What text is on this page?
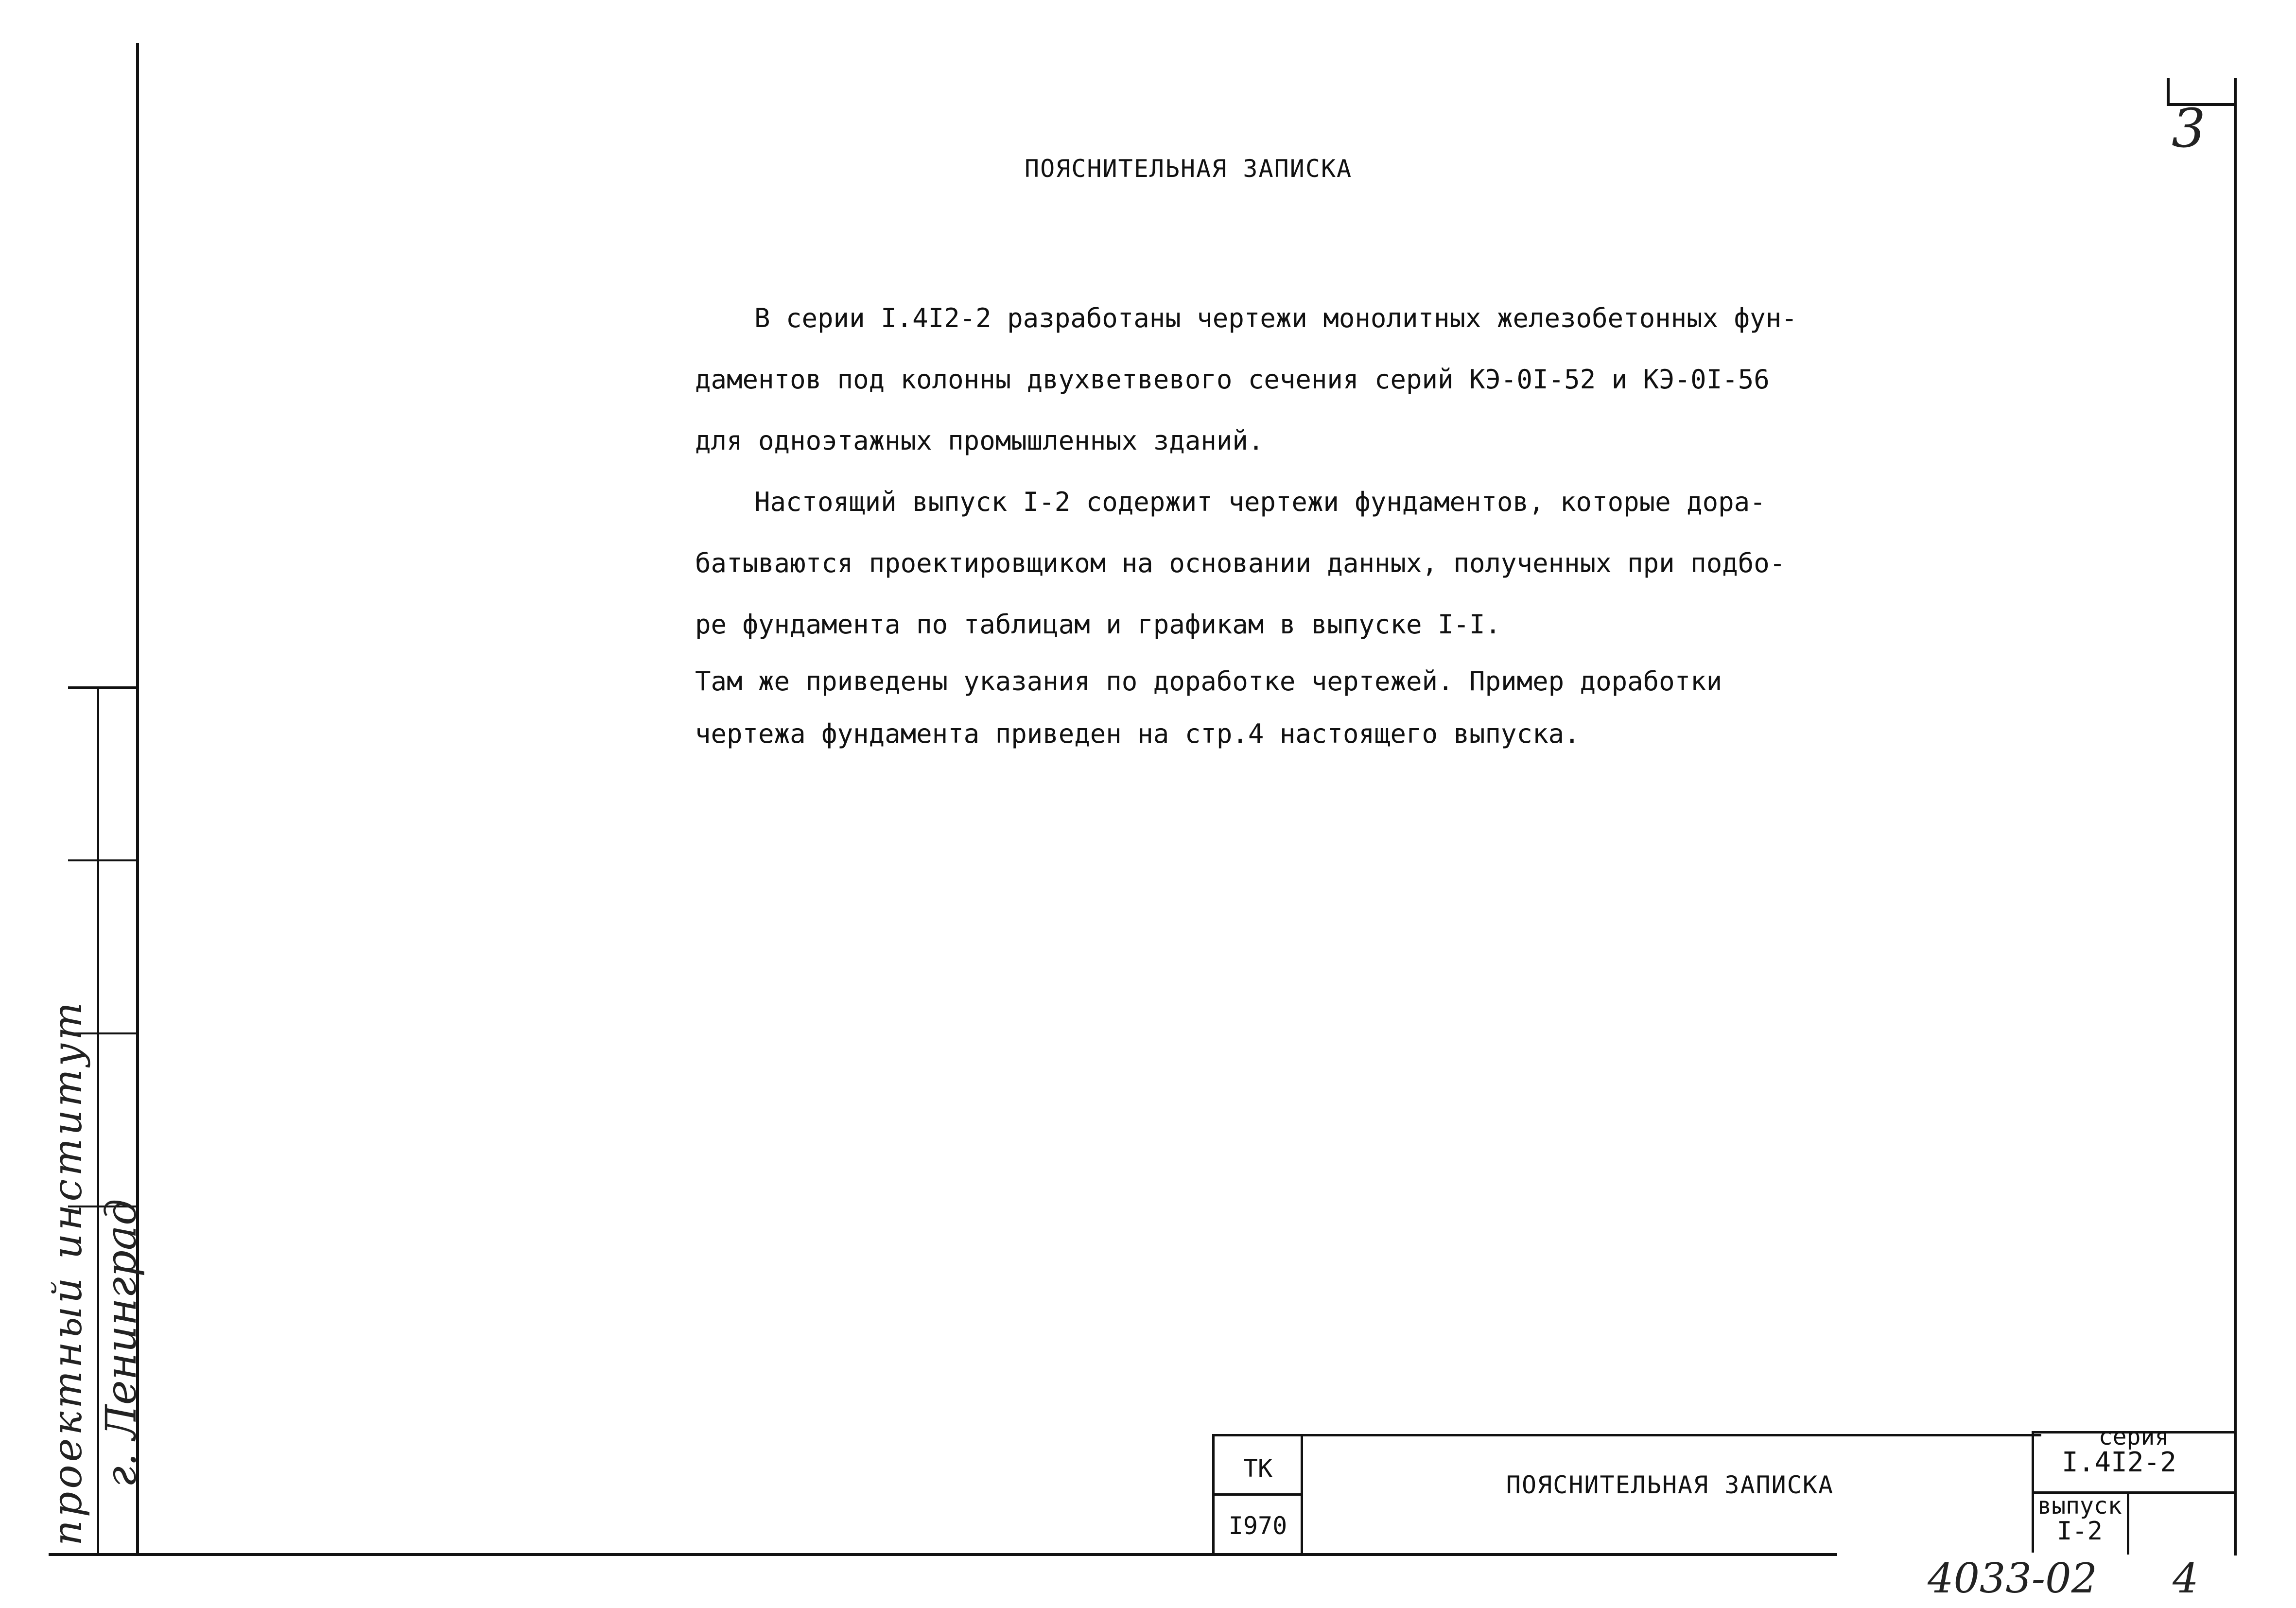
3
проектный институт г. Ленинград
ПОЯСНИТЕЛЬНАЯ ЗАПИСКА

В серии I.4I2-2 разработаны чертежи монолитных железобетонных фун-

даментов под колонны двухветвевого сечения серий КЭ-0I-52 и КЭ-0I-56

для одноэтажных промышленных зданий.

Настоящий выпуск I-2 содержит чертежи фундаментов, которые дора-

батываются проектировщиком на основании данных, полученных при подбо-

ре фундамента по таблицам и графикам в выпуске I-I.

Там же приведены указания по доработке чертежей. Пример доработки

чертежа фундамента приведен на стр.4 настоящего выпуска.

ТК
I970
ПОЯСНИТЕЛЬНАЯ ЗАПИСКА
серия
I.4I2-2
выпуск
I-2
4033-02 4
